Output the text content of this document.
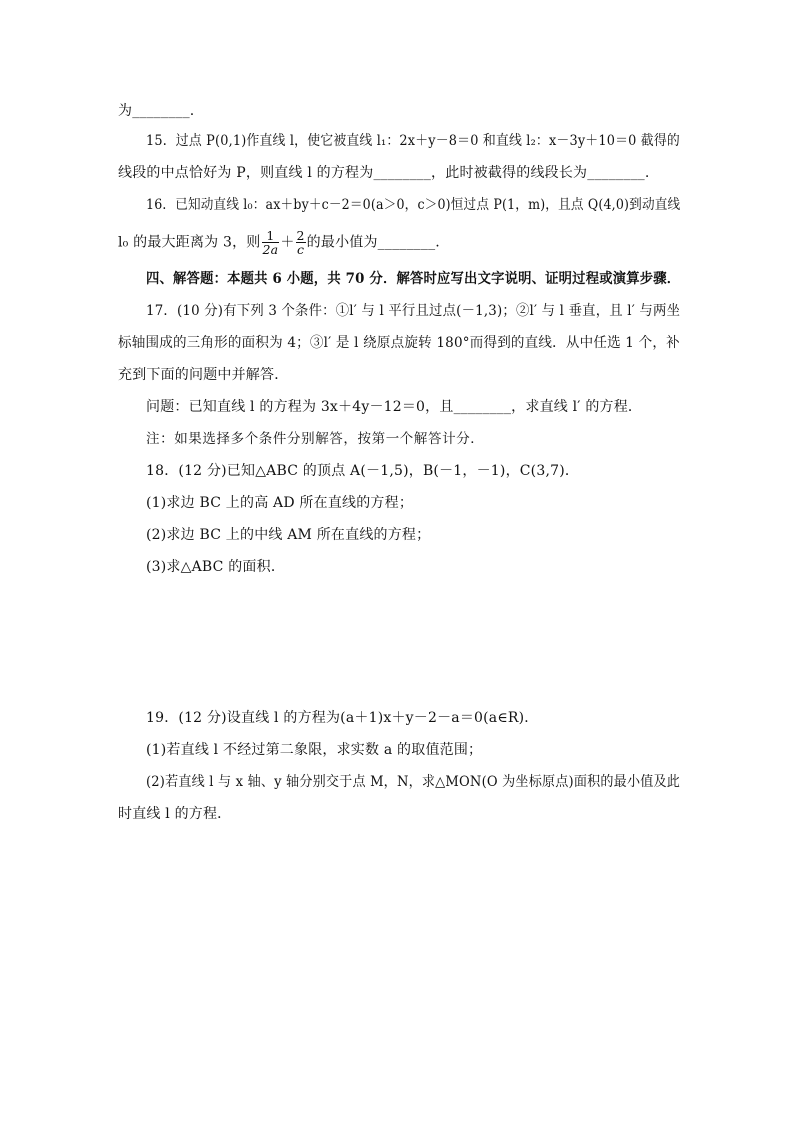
为________.
15．过点 P(0,1)作直线 l，使它被直线 l₁：2x＋y－8＝0 和直线 l₂：x－3y＋10＝0 截得的
线段的中点恰好为 P，则直线 l 的方程为________，此时被截得的线段长为________.
16．已知动直线 l₀：ax＋by＋c－2＝0(a＞0，c＞0)恒过点 P(1，m)，且点 Q(4,0)到动直线
l₀ 的最大距离为 3，则 $\frac{1}{2a} + \frac{2}{c}$ 的最小值为________.
四、解答题：本题共 6 小题，共 70 分．解答时应写出文字说明、证明过程或演算步骤．
17．(10 分)有下列 3 个条件：①l′ 与 l 平行且过点(－1,3)；②l′ 与 l 垂直，且 l′ 与两坐
标轴围成的三角形的面积为 4；③l′ 是 l 绕原点旋转 180°而得到的直线．从中任选 1 个，补
充到下面的问题中并解答．
问题：已知直线 l 的方程为 3x＋4y－12＝0，且________，求直线 l′ 的方程．
注：如果选择多个条件分别解答，按第一个解答计分．
18．(12 分)已知△ABC 的顶点 A(－1,5)，B(－1，－1)，C(3,7)．
(1)求边 BC 上的高 AD 所在直线的方程；
(2)求边 BC 上的中线 AM 所在直线的方程；
(3)求△ABC 的面积．
19．(12 分)设直线 l 的方程为(a＋1)x＋y－2－a＝0(a∈R)．
(1)若直线 l 不经过第二象限，求实数 a 的取值范围；
(2)若直线 l 与 x 轴、y 轴分别交于点 M，N，求△MON(O 为坐标原点)面积的最小值及此
时直线 l 的方程．
